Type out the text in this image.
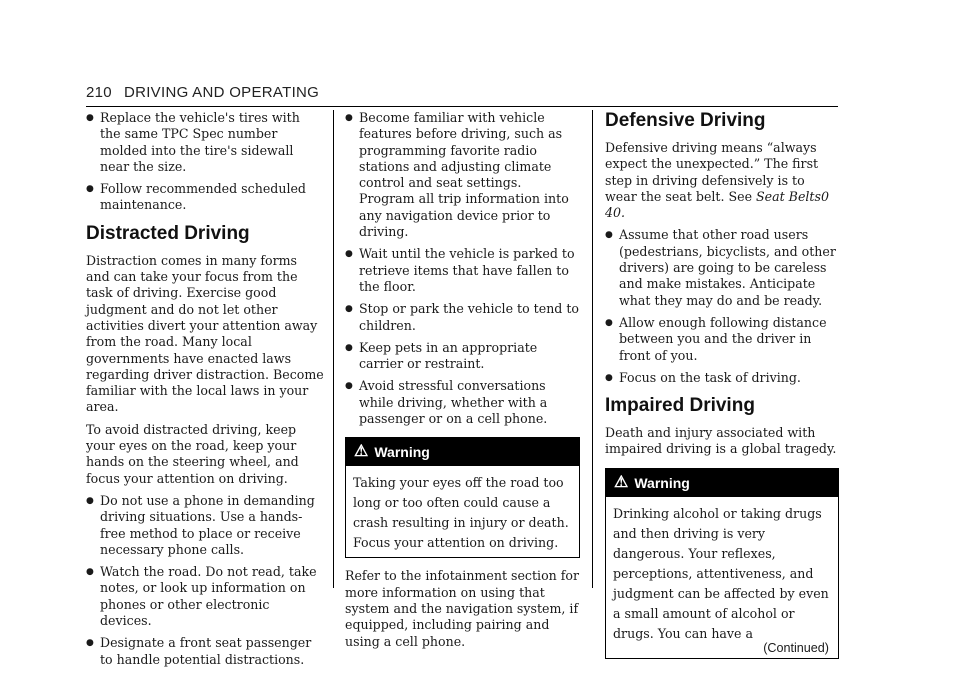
210 DRIVING AND OPERATING
● Replace the vehicle's tires with the same TPC Spec number molded into the tire's sidewall near the size.
● Follow recommended scheduled maintenance.
Distracted Driving

Distraction comes in many forms and can take your focus from the task of driving. Exercise good judgment and do not let other activities divert your attention away from the road. Many local governments have enacted laws regarding driver distraction. Become familiar with the local laws in your area.

To avoid distracted driving, keep your eyes on the road, keep your hands on the steering wheel, and focus your attention on driving.

● Do not use a phone in demanding driving situations. Use a hands-free method to place or receive necessary phone calls.
● Watch the road. Do not read, take notes, or look up information on phones or other electronic devices.
● Designate a front seat passenger to handle potential distractions.
● Become familiar with vehicle features before driving, such as programming favorite radio stations and adjusting climate control and seat settings. Program all trip information into any navigation device prior to driving.
● Wait until the vehicle is parked to retrieve items that have fallen to the floor.
● Stop or park the vehicle to tend to children.
● Keep pets in an appropriate carrier or restraint.
● Avoid stressful conversations while driving, whether with a passenger or on a cell phone.
⚠ Warning

Taking your eyes off the road too long or too often could cause a crash resulting in injury or death. Focus your attention on driving.

Refer to the infotainment section for more information on using that system and the navigation system, if equipped, including pairing and using a cell phone.

Defensive Driving

Defensive driving means “always expect the unexpected.” The first step in driving defensively is to wear the seat belt. See Seat Belts0 40.

● Assume that other road users (pedestrians, bicyclists, and other drivers) are going to be careless and make mistakes. Anticipate what they may do and be ready.
● Allow enough following distance between you and the driver in front of you.
● Focus on the task of driving.
Impaired Driving

Death and injury associated with impaired driving is a global tragedy.

⚠ Warning

Drinking alcohol or taking drugs and then driving is very dangerous. Your reflexes, perceptions, attentiveness, and judgment can be affected by even a small amount of alcohol or drugs. You can have a

(Continued)
